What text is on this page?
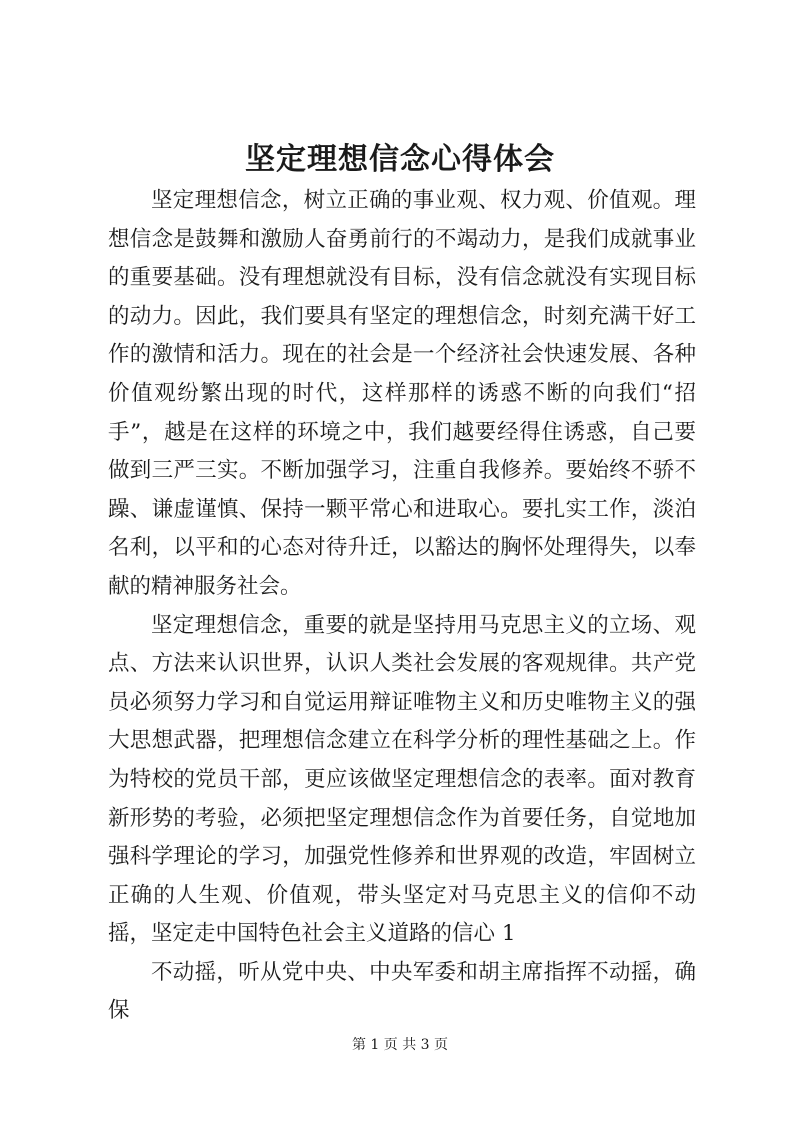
坚定理想信念心得体会

坚定理想信念，树立正确的事业观、权力观、价值观。理想信念是鼓舞和激励人奋勇前行的不竭动力，是我们成就事业的重要基础。没有理想就没有目标，没有信念就没有实现目标的动力。因此，我们要具有坚定的理想信念，时刻充满干好工作的激情和活力。现在的社会是一个经济社会快速发展、各种价值观纷繁出现的时代，这样那样的诱惑不断的向我们“招手”，越是在这样的环境之中，我们越要经得住诱惑，自己要做到三严三实。不断加强学习，注重自我修养。要始终不骄不躁、谦虚谨慎、保持一颗平常心和进取心。要扎实工作，淡泊名利，以平和的心态对待升迁，以豁达的胸怀处理得失，以奉献的精神服务社会。

坚定理想信念，重要的就是坚持用马克思主义的立场、观点、方法来认识世界，认识人类社会发展的客观规律。共产党员必须努力学习和自觉运用辩证唯物主义和历史唯物主义的强大思想武器，把理想信念建立在科学分析的理性基础之上。作为特校的党员干部，更应该做坚定理想信念的表率。面对教育新形势的考验，必须把坚定理想信念作为首要任务，自觉地加强科学理论的学习，加强党性修养和世界观的改造，牢固树立正确的人生观、价值观，带头坚定对马克思主义的信仰不动摇，坚定走中国特色社会主义道路的信心 1

不动摇，听从党中央、中央军委和胡主席指挥不动摇，确保

第 1 页 共 3 页
